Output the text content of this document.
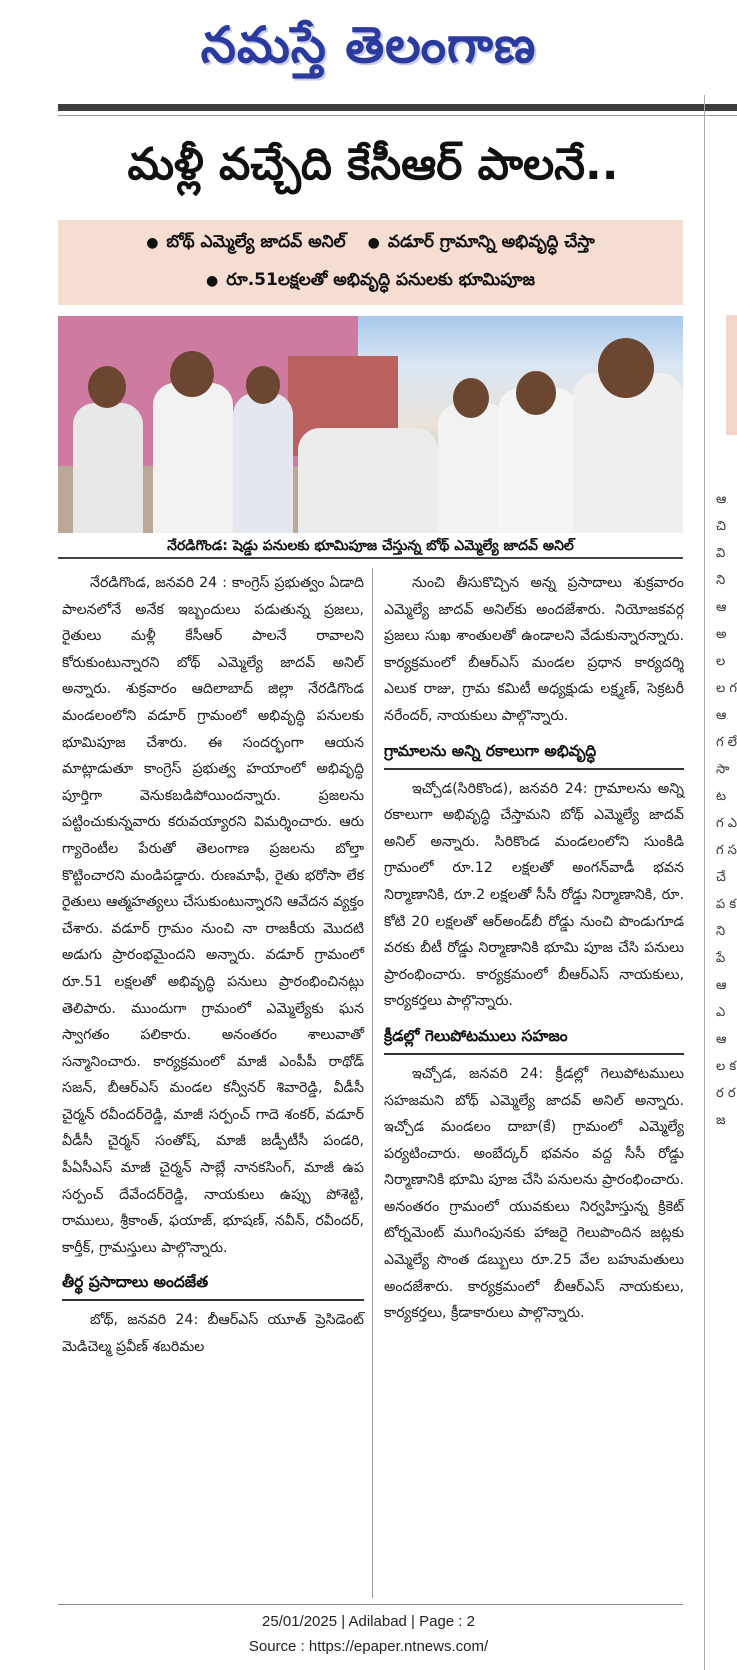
నమస్తే తెలంగాణ
మళ్లీ వచ్చేది కేసీఆర్‌ పాలనే..
● బోథ్‌ ఎమ్మెల్యే జాదవ్‌ అనిల్‌ ● వడూర్‌ గ్రామాన్ని అభివృద్ధి చేస్తా
● రూ.51లక్షలతో అభివృద్ధి పనులకు భూమిపూజ
నేరడిగొండ: షెడ్డు పనులకు భూమిపూజ చేస్తున్న బోథ్‌ ఎమ్మెల్యే జాదవ్‌ అనిల్‌

నేరడిగొండ, జనవరి 24 : కాంగ్రెస్‌ ప్రభుత్వం ఏడాది పాలనలోనే అనేక ఇబ్బందులు పడుతున్న ప్రజలు, రైతులు మళ్లీ కేసీఆర్‌ పాలనే రావాలని కోరుకుంటున్నారని బోథ్‌ ఎమ్మెల్యే జాదవ్‌ అనిల్‌ అన్నారు. శుక్రవారం ఆదిలాబాద్‌ జిల్లా నేరడిగొండ మండలంలోని వడూర్‌ గ్రామంలో అభివృద్ధి పనులకు భూమిపూజ చేశారు. ఈ సందర్భంగా ఆయన మాట్లాడుతూ కాంగ్రెస్‌ ప్రభుత్వ హయాంలో అభివృద్ధి పూర్తిగా వెనుకబడిపోయిందన్నారు. ప్రజలను పట్టించుకున్నవారు కరువయ్యారని విమర్శించారు. ఆరు గ్యారెంటీల పేరుతో తెలంగాణ ప్రజలను బోల్తా కొట్టించారని మండిపడ్డారు. రుణమాఫీ, రైతు భరోసా లేక రైతులు ఆత్మహత్యలు చేసుకుంటున్నారని ఆవేదన వ్యక్తం చేశారు. వడూర్‌ గ్రామం నుంచి నా రాజకీయ మొదటి అడుగు ప్రారంభమైందని అన్నారు. వడూర్‌ గ్రామంలో రూ.51 లక్షలతో అభివృద్ధి పనులు ప్రారంభించినట్లు తెలిపారు. ముందుగా గ్రామంలో ఎమ్మెల్యేకు ఘన స్వాగతం పలికారు. అనంతరం శాలువాతో సన్మానించారు. కార్యక్రమంలో మాజీ ఎంపీపీ రాథోడ్‌ సజన్‌, బీఆర్‌ఎస్‌ మండల కన్వీనర్‌ శివారెడ్డి, వీడీసీ చైర్మన్‌ రవీందర్‌రెడ్డి, మాజీ సర్పంచ్‌ గాదె శంకర్‌, వడూర్‌ వీడీసీ చైర్మన్‌ సంతోష్‌, మాజీ జడ్పీటీసీ పండరి, పీఏసీఎస్‌ మాజీ చైర్మన్‌ సాబ్లే నానకసింగ్‌, మాజీ ఉప సర్పంచ్‌ దేవేందర్‌రెడ్డి, నాయకులు ఉప్పు పోశెట్టి, రాములు, శ్రీకాంత్‌, ఫయాజ్‌, భూషణ్‌, నవీన్‌, రవీందర్‌, కార్తీక్‌, గ్రామస్తులు పాల్గొన్నారు.

తీర్థ ప్రసాదాలు అందజేత

బోథ్‌, జనవరి 24: బీఆర్‌ఎస్‌ యూత్‌ ప్రెసిడెంట్‌ మెడిచెల్మ ప్రవీణ్‌ శబరిమల

నుంచి తీసుకొచ్చిన అన్న ప్రసాదాలు శుక్రవారం ఎమ్మెల్యే జాదవ్‌ అనిల్‌కు అందజేశారు. నియోజకవర్గ ప్రజలు సుఖ శాంతులతో ఉండాలని వేడుకున్నారన్నారు. కార్యక్రమంలో బీఆర్‌ఎస్‌ మండల ప్రధాన కార్యదర్శి ఎలుక రాజు, గ్రామ కమిటీ అధ్యక్షుడు లక్ష్మణ్‌, సెక్రటరీ నరేందర్‌, నాయకులు పాల్గొన్నారు.

గ్రామాలను అన్ని రకాలుగా అభివృద్ధి

ఇచ్చోడ(సిరికొండ), జనవరి 24: గ్రామాలను అన్ని రకాలుగా అభివృద్ధి చేస్తామని బోథ్‌ ఎమ్మెల్యే జాదవ్‌ అనిల్‌ అన్నారు. సిరికొండ మండలంలోని సుంకిడి గ్రామంలో రూ.12 లక్షలతో అంగన్‌వాడీ భవన నిర్మాణానికి, రూ.2 లక్షలతో సీసీ రోడ్డు నిర్మాణానికి, రూ. కోటి 20 లక్షలతో ఆర్‌అండ్‌బీ రోడ్డు నుంచి పొండుగూడ వరకు బీటీ రోడ్డు నిర్మాణానికి భూమి పూజ చేసి పనులు ప్రారంభించారు. కార్యక్రమంలో బీఆర్‌ఎస్‌ నాయకులు, కార్యకర్తలు పాల్గొన్నారు.

క్రీడల్లో గెలుపోటములు సహజం

ఇచ్చోడ, జనవరి 24: క్రీడల్లో గెలుపోటములు సహజమని బోథ్‌ ఎమ్మెల్యే జాదవ్‌ అనిల్‌ అన్నారు. ఇచ్చోడ మండలం దాబా(కే) గ్రామంలో ఎమ్మెల్యే పర్యటించారు. అంబేద్కర్‌ భవనం వద్ద సీసీ రోడ్డు నిర్మాణానికి భూమి పూజ చేసి పనులను ప్రారంభించారు. అనంతరం గ్రామంలో యువకులు నిర్వహిస్తున్న క్రికెట్‌ టోర్నమెంట్‌ ముగింపునకు హాజరై గెలుపొందిన జట్లకు ఎమ్మెల్యే సొంత డబ్బులు రూ.25 వేల బహుమతులు అందజేశారు. కార్యక్రమంలో బీఆర్‌ఎస్‌ నాయకులు, కార్యకర్తలు, క్రీడాకారులు పాల్గొన్నారు.

ఆ చి వి ని ఆ అ ల ల గ ఆ గ లే సా ట గ ఎ గ స చే ప క ని పే ఆ ఎ ఆ ల క ర ర జ
25/01/2025 | Adilabad | Page : 2
Source : https://epaper.ntnews.com/
